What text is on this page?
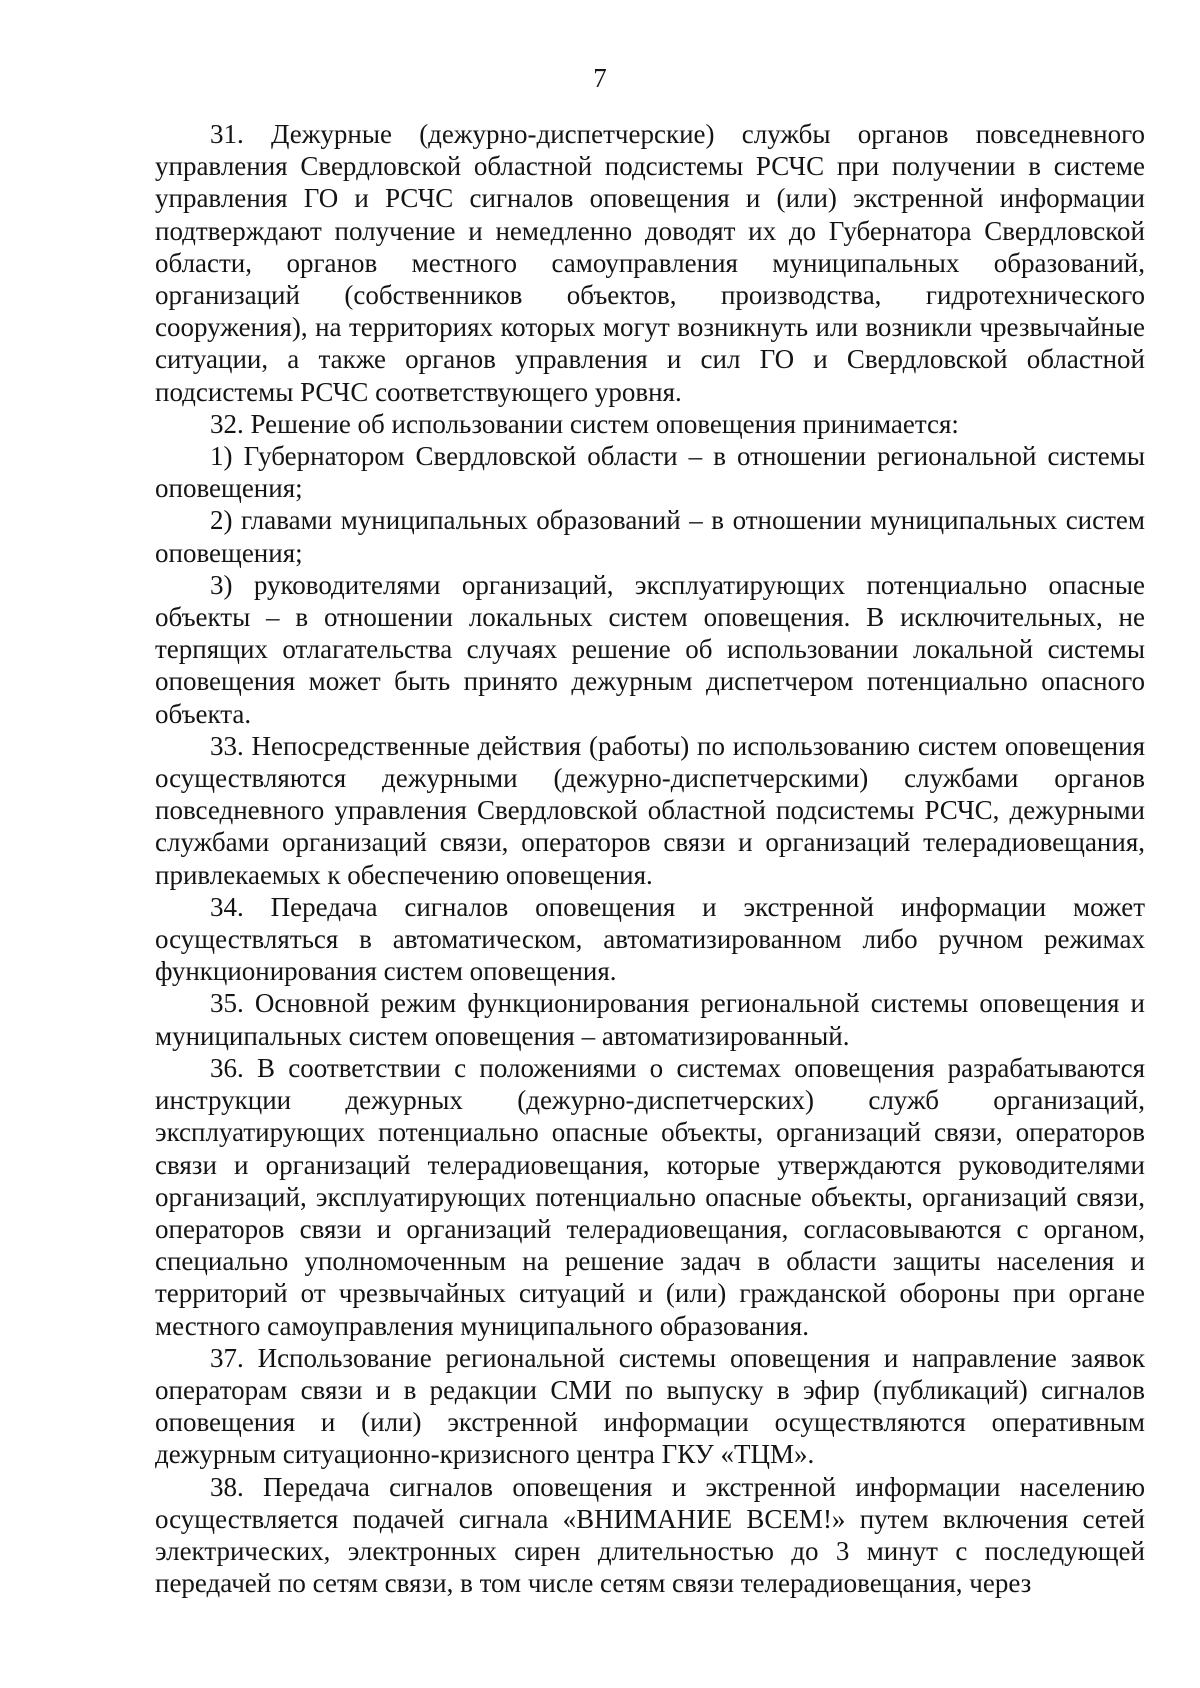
7

31. Дежурные (дежурно-диспетчерские) службы органов повседневного управления Свердловской областной подсистемы РСЧС при получении в системе управления ГО и РСЧС сигналов оповещения и (или) экстренной информации подтверждают получение и немедленно доводят их до Губернатора Свердловской области, органов местного самоуправления муниципальных образований, организаций (собственников объектов, производства, гидротехнического сооружения), на территориях которых могут возникнуть или возникли чрезвычайные ситуации, а также органов управления и сил ГО и Свердловской областной подсистемы РСЧС соответствующего уровня.

32. Решение об использовании систем оповещения принимается:

1) Губернатором Свердловской области – в отношении региональной системы оповещения;

2) главами муниципальных образований – в отношении муниципальных систем оповещения;

3) руководителями организаций, эксплуатирующих потенциально опасные объекты – в отношении локальных систем оповещения. В исключительных, не терпящих отлагательства случаях решение об использовании локальной системы оповещения может быть принято дежурным диспетчером потенциально опасного объекта.

33. Непосредственные действия (работы) по использованию систем оповещения осуществляются дежурными (дежурно-диспетчерскими) службами органов повседневного управления Свердловской областной подсистемы РСЧС, дежурными службами организаций связи, операторов связи и организаций телерадиовещания, привлекаемых к обеспечению оповещения.

34. Передача сигналов оповещения и экстренной информации может осуществляться в автоматическом, автоматизированном либо ручном режимах функционирования систем оповещения.

35. Основной режим функционирования региональной системы оповещения и муниципальных систем оповещения – автоматизированный.

36. В соответствии с положениями о системах оповещения разрабатываются инструкции дежурных (дежурно-диспетчерских) служб организаций, эксплуатирующих потенциально опасные объекты, организаций связи, операторов связи и организаций телерадиовещания, которые утверждаются руководителями организаций, эксплуатирующих потенциально опасные объекты, организаций связи, операторов связи и организаций телерадиовещания, согласовываются с органом, специально уполномоченным на решение задач в области защиты населения и территорий от чрезвычайных ситуаций и (или) гражданской обороны при органе местного самоуправления муниципального образования.

37. Использование региональной системы оповещения и направление заявок операторам связи и в редакции СМИ по выпуску в эфир (публикаций) сигналов оповещения и (или) экстренной информации осуществляются оперативным дежурным ситуационно-кризисного центра ГКУ «ТЦМ».

38. Передача сигналов оповещения и экстренной информации населению осуществляется подачей сигнала «ВНИМАНИЕ ВСЕМ!» путем включения сетей электрических, электронных сирен длительностью до 3 минут с последующей передачей по сетям связи, в том числе сетям связи телерадиовещания, через
